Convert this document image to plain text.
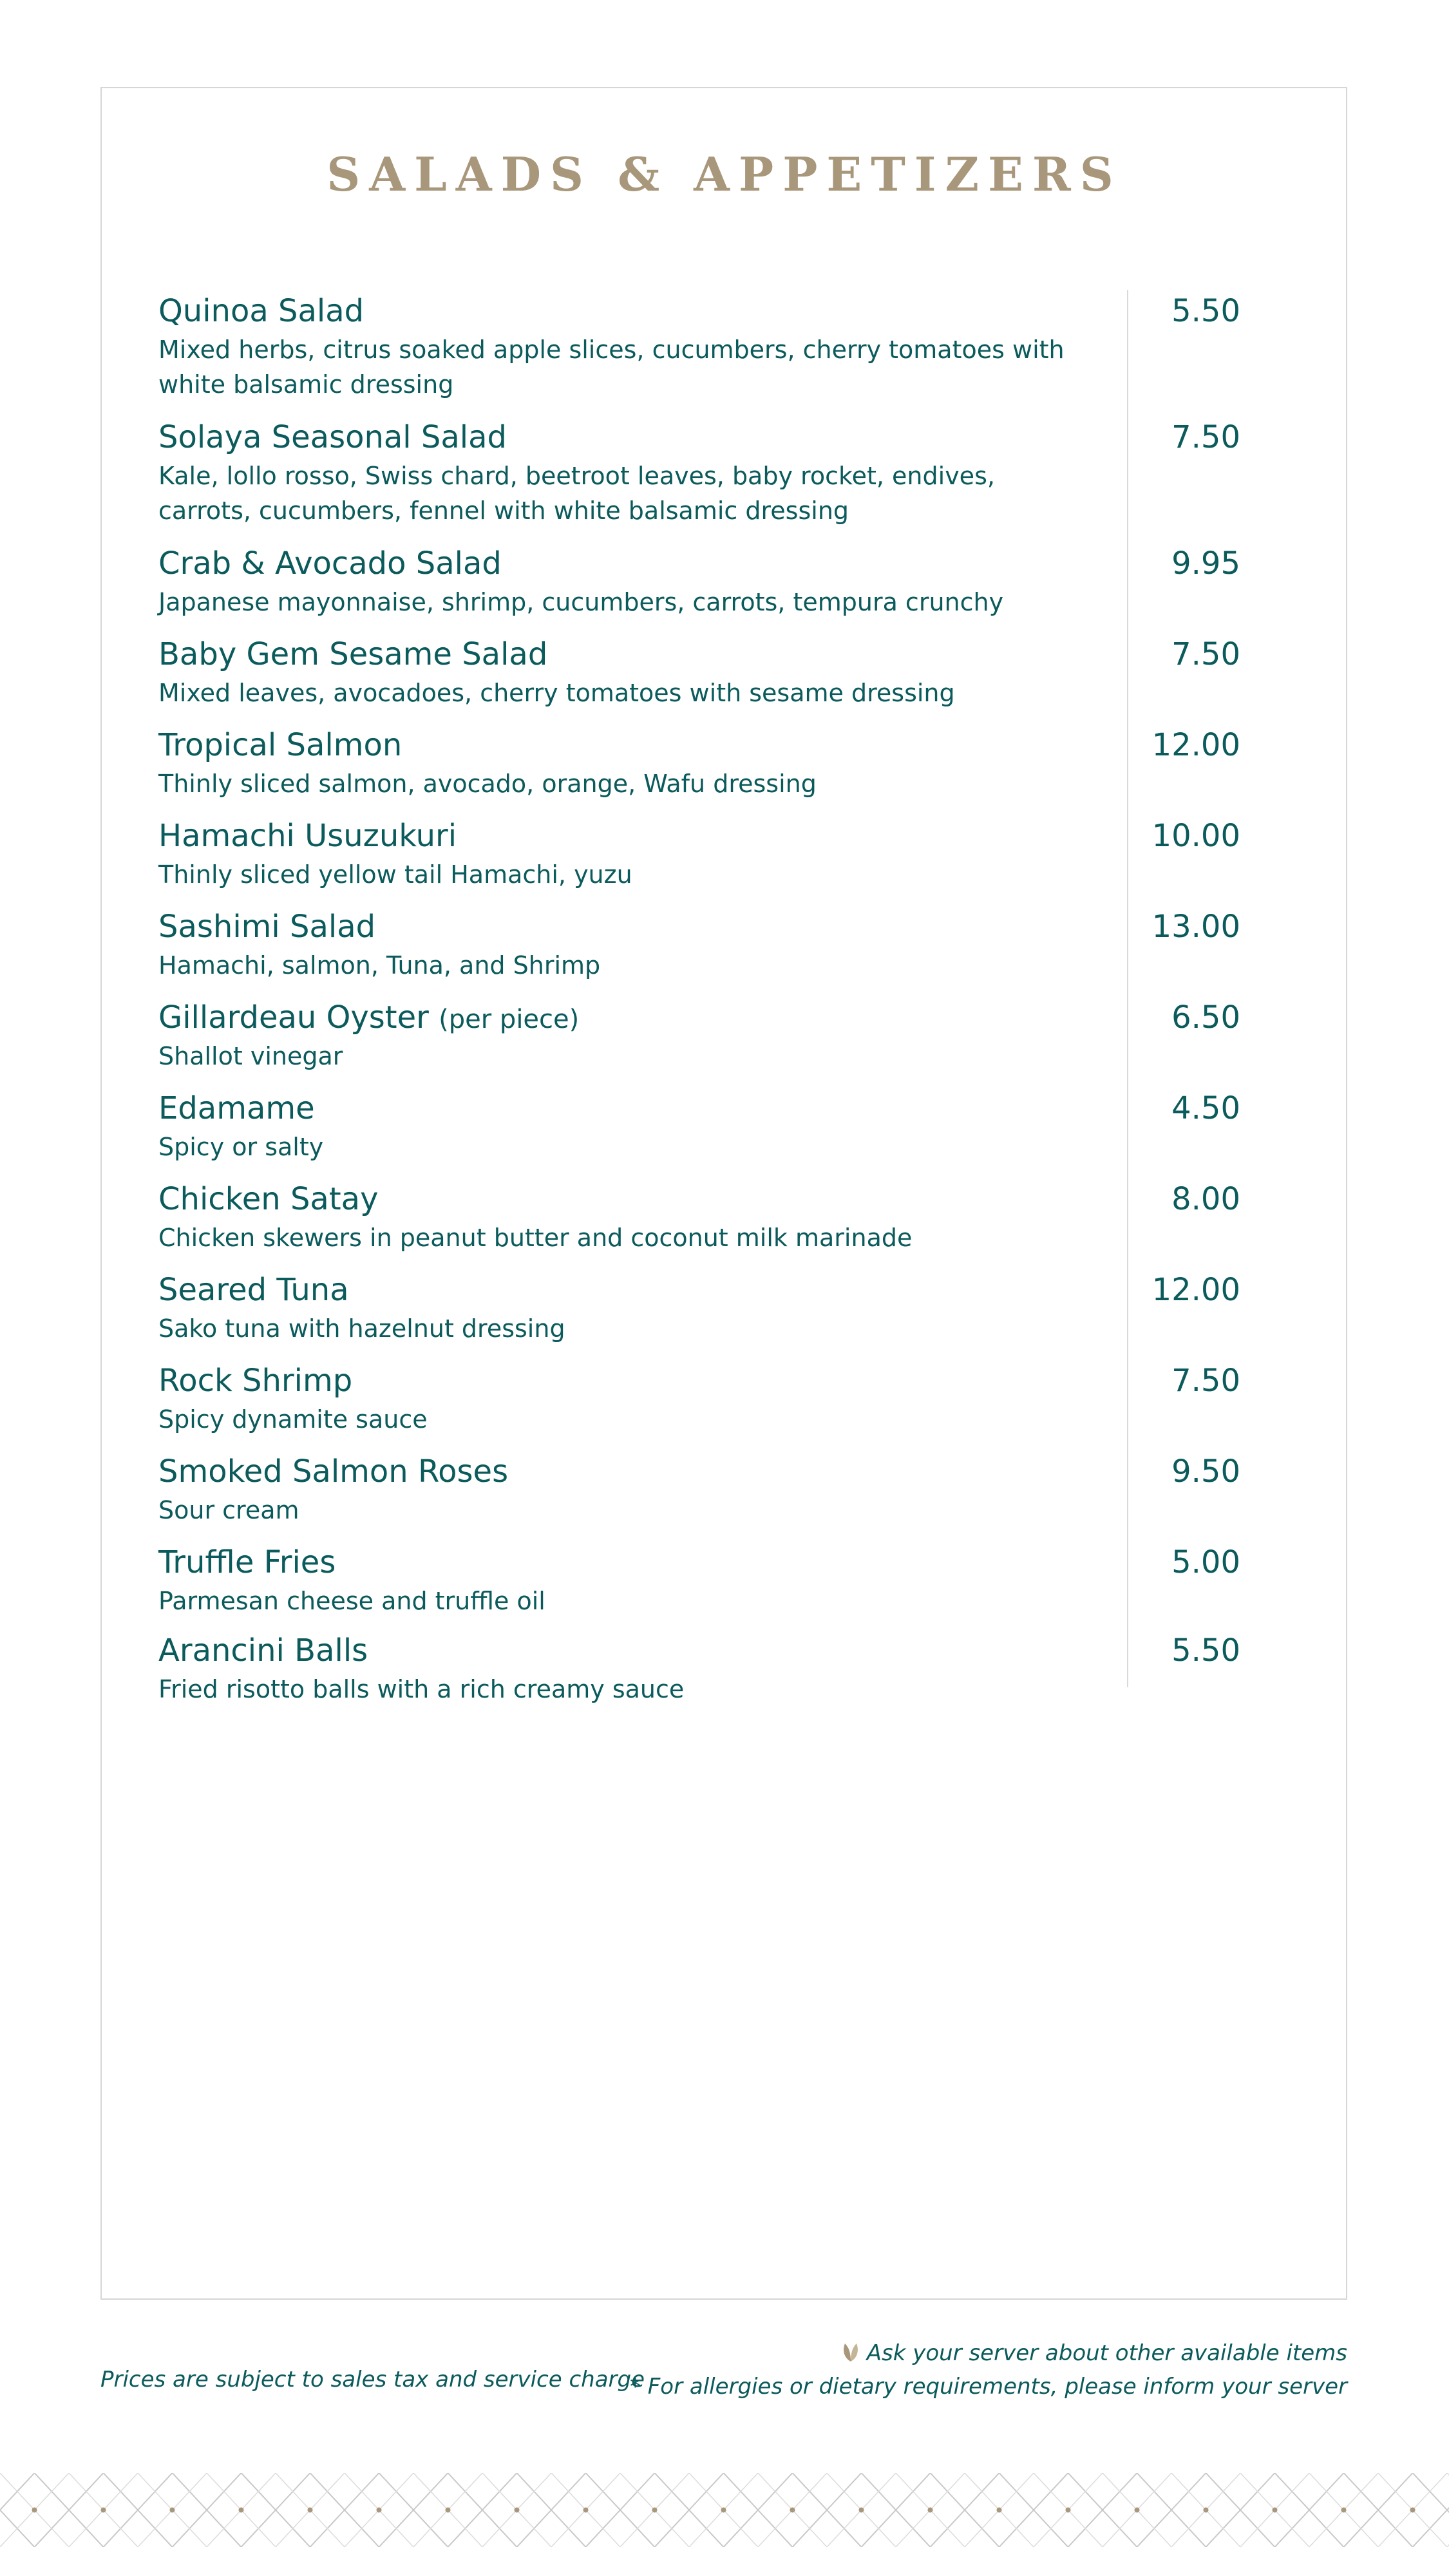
SALADS & APPETIZERS
Quinoa Salad
Mixed herbs, citrus soaked apple slices, cucumbers, cherry tomatoes with white balsamic dressing
5.50
Solaya Seasonal Salad
Kale, lollo rosso, Swiss chard, beetroot leaves, baby rocket, endives, carrots, cucumbers, fennel with white balsamic dressing
7.50
Crab & Avocado Salad
Japanese mayonnaise, shrimp, cucumbers, carrots, tempura crunchy
9.95
Baby Gem Sesame Salad
Mixed leaves, avocadoes, cherry tomatoes with sesame dressing
7.50
Tropical Salmon
Thinly sliced salmon, avocado, orange, Wafu dressing
12.00
Hamachi Usuzukuri
Thinly sliced yellow tail Hamachi, yuzu
10.00
Sashimi Salad
Hamachi, salmon, Tuna, and Shrimp
13.00
Gillardeau Oyster (per piece)
Shallot vinegar
6.50
Edamame
Spicy or salty
4.50
Chicken Satay
Chicken skewers in peanut butter and coconut milk marinade
8.00
Seared Tuna
Sako tuna with hazelnut dressing
12.00
Rock Shrimp
Spicy dynamite sauce
7.50
Smoked Salmon Roses
Sour cream
9.50
Truffle Fries
Parmesan cheese and truffle oil
5.00
Arancini Balls
Fried risotto balls with a rich creamy sauce
5.50
Prices are subject to sales tax and service charge
Ask your server about other available items
* For allergies or dietary requirements, please inform your server
